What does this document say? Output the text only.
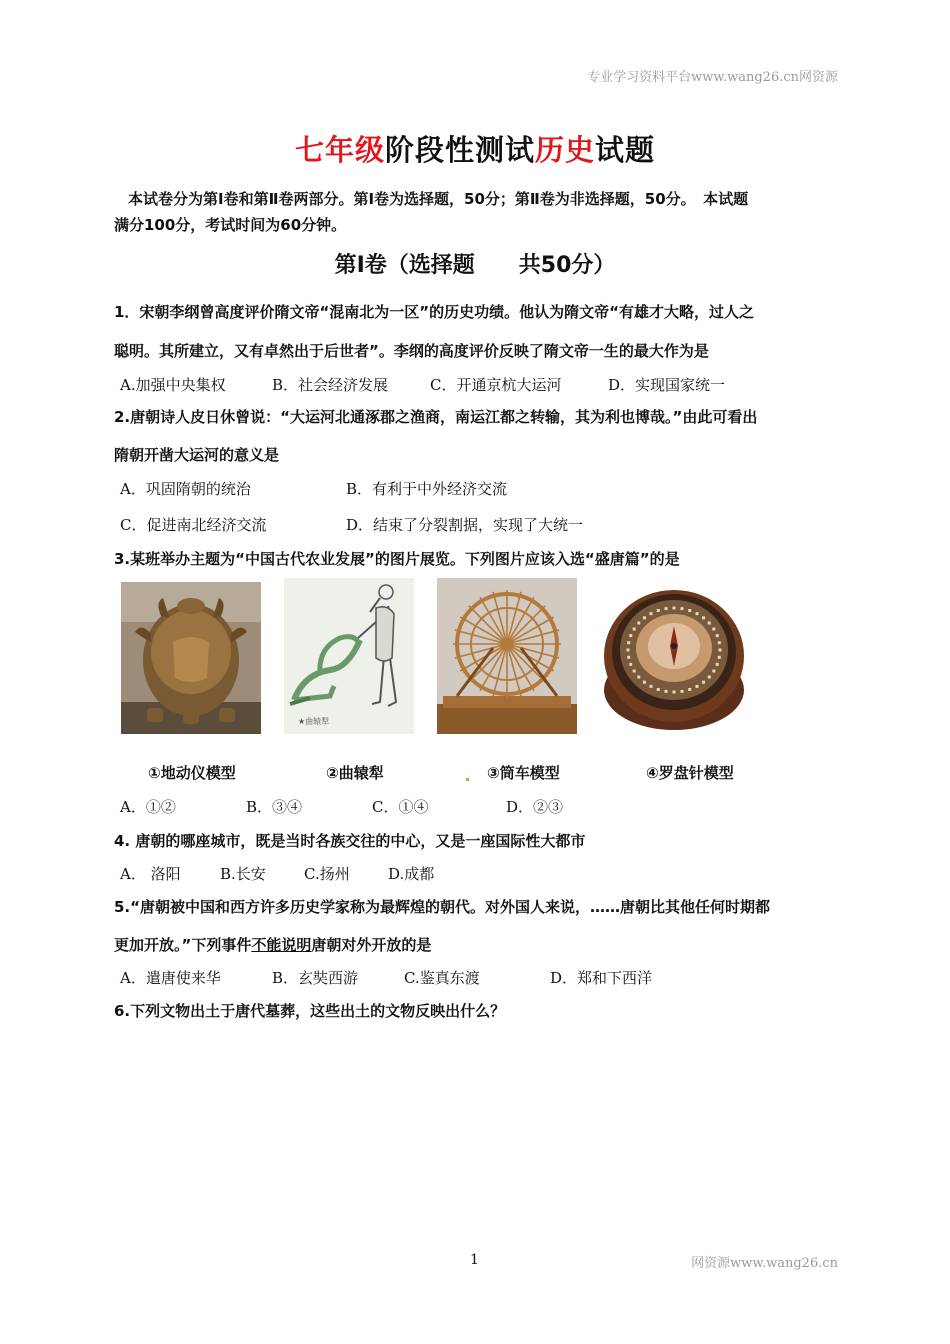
专业学习资料平台www.wang26.cn网资源
七年级阶段性测试历史试题
本试卷分为第Ⅰ卷和第Ⅱ卷两部分。第Ⅰ卷为选择题，50分；第Ⅱ卷为非选择题，50分。　本试题
满分100分，考试时间为60分钟。
第Ⅰ卷（选择题　　共50分）
1．宋朝李纲曾高度评价隋文帝“混南北为一区”的历史功绩。他认为隋文帝“有雄才大略，过人之
聪明。其所建立，又有卓然出于后世者”。李纲的高度评价反映了隋文帝一生的最大作为是
A.加强中央集权	B．社会经济发展	C．开通京杭大运河	D．实现国家统一
2.唐朝诗人皮日休曾说：“大运河北通涿郡之渔商，南运江都之转输，其为利也博哉。”由此可看出
隋朝开凿大运河的意义是
A．巩固隋朝的统治	B．有利于中外经济交流
C．促进南北经济交流	D．结束了分裂割据，实现了大统一
3.某班举办主题为“中国古代农业发展”的图片展览。下列图片应该入选“盛唐篇”的是
★曲辕犁
①地动仪模型	②曲辕犁	③筒车模型	④罗盘针模型
A．①②	B．③④	C．①④	D．②③
4. 唐朝的哪座城市，既是当时各族交往的中心，又是一座国际性大都市
A． 洛阳	B.长安	C.扬州	D.成都
5.“唐朝被中国和西方许多历史学家称为最辉煌的朝代。对外国人来说，……唐朝比其他任何时期都
更加开放。”下列事件不能说明唐朝对外开放的是
A．遣唐使来华	B．玄奘西游	C.鉴真东渡	D．郑和下西洋
6.下列文物出土于唐代墓葬，这些出土的文物反映出什么？
1	网资源www.wang26.cn
